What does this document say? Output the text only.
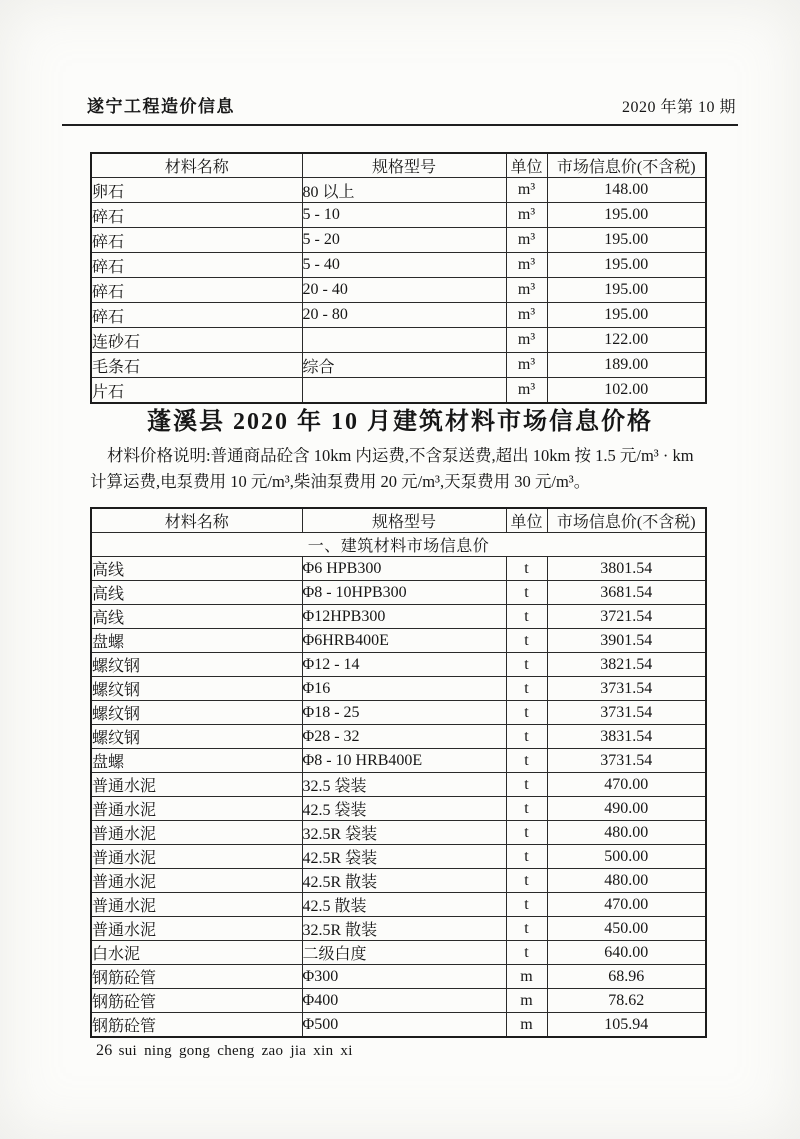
遂宁工程造价信息	2020 年第 10 期
材料名称	规格型号	单位	市场信息价(不含税)
卵石	80 以上	m³	148.00
碎石	5 - 10	m³	195.00
碎石	5 - 20	m³	195.00
碎石	5 - 40	m³	195.00
碎石	20 - 40	m³	195.00
碎石	20 - 80	m³	195.00
连砂石		m³	122.00
毛条石	综合	m³	189.00
片石		m³	102.00
蓬溪县 2020 年 10 月建筑材料市场信息价格
材料价格说明:普通商品砼含 10km 内运费,不含泵送费,超出 10km 按 1.5 元/m³ · km
计算运费,电泵费用 10 元/m³,柴油泵费用 20 元/m³,天泵费用 30 元/m³。
材料名称	规格型号	单位	市场信息价(不含税)
一、建筑材料市场信息价			
高线	Φ6 HPB300	t	3801.54
高线	Φ8 - 10HPB300	t	3681.54
高线	Φ12HPB300	t	3721.54
盘螺	Φ6HRB400E	t	3901.54
螺纹钢	Φ12 - 14	t	3821.54
螺纹钢	Φ16	t	3731.54
螺纹钢	Φ18 - 25	t	3731.54
螺纹钢	Φ28 - 32	t	3831.54
盘螺	Φ8 - 10 HRB400E	t	3731.54
普通水泥	32.5 袋装	t	470.00
普通水泥	42.5 袋装	t	490.00
普通水泥	32.5R 袋装	t	480.00
普通水泥	42.5R 袋装	t	500.00
普通水泥	42.5R 散装	t	480.00
普通水泥	42.5 散装	t	470.00
普通水泥	32.5R 散装	t	450.00
白水泥	二级白度	t	640.00
钢筋砼管	Φ300	m	68.96
钢筋砼管	Φ400	m	78.62
钢筋砼管	Φ500	m	105.94
26 sui ning gong cheng zao jia xin xi
